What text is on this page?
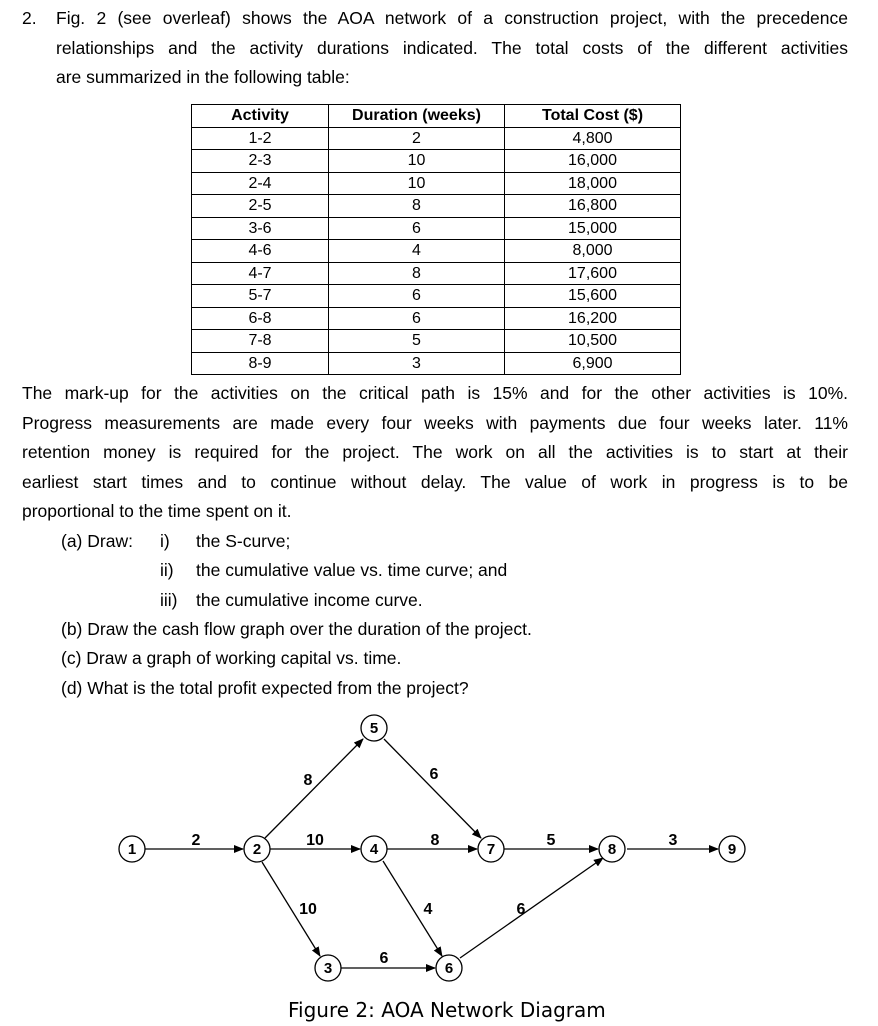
2. Fig. 2 (see overleaf) shows the AOA network of a construction project, with the precedence
relationships and the activity durations indicated. The total costs of the different activities
are summarized in the following table:
Activity	Duration (weeks)	Total Cost ($)
1-2	2	4,800
2-3	10	16,000
2-4	10	18,000
2-5	8	16,800
3-6	6	15,000
4-6	4	8,000
4-7	8	17,600
5-7	6	15,600
6-8	6	16,200
7-8	5	10,500
8-9	3	6,900
The mark-up for the activities on the critical path is 15% and for the other activities is 10%.
Progress measurements are made every four weeks with payments due four weeks later. 11%
retention money is required for the project. The work on all the activities is to start at their
earliest start times and to continue without delay. The value of work in progress is to be
proportional to the time spent on it.
(a) Draw: i) the S-curve;
ii) the cumulative value vs. time curve; and
iii) the cumulative income curve.
(b) Draw the cash flow graph over the duration of the project.
(c) Draw a graph of working capital vs. time.
(d) What is the total profit expected from the project?
1	2
3
4
5
6
7	8	9
2
8
10
10
6
8
4
6
5
6
3
Figure 2: AOA Network Diagram
